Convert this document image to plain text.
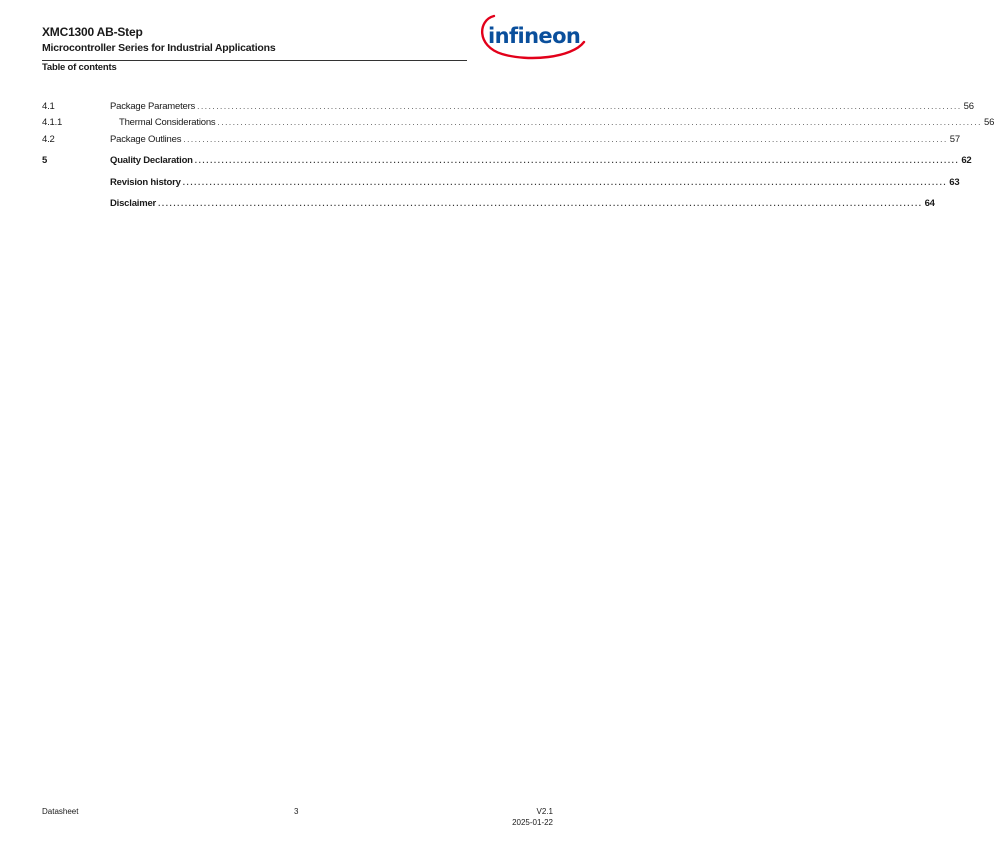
XMC1300 AB-Step
Microcontroller Series for Industrial Applications
Table of contents
infineon
4.1	Package Parameters ........................................................................................................................................................................................................ 56
4.1.1	Thermal Considerations ........................................................................................................................................................................................................ 56
4.2	Package Outlines ........................................................................................................................................................................................................ 57
5	Quality Declaration ........................................................................................................................................................................................................ 62
Revision history ........................................................................................................................................................................................................ 63
Disclaimer ........................................................................................................................................................................................................ 64
Datasheet	3	V2.1
2025-01-22
